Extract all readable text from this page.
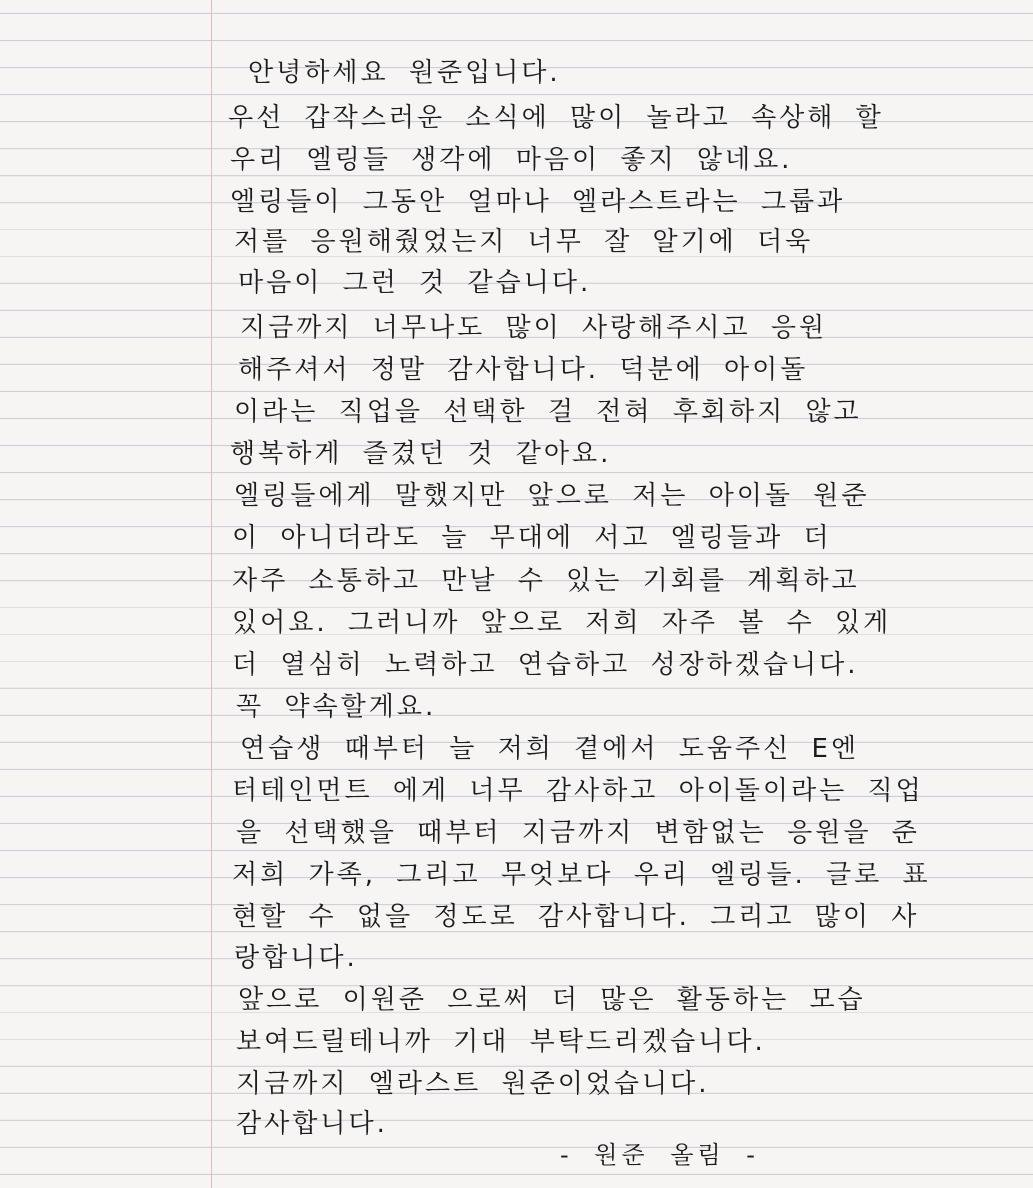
안녕하세요 원준입니다.
우선 갑작스러운 소식에 많이 놀라고 속상해 할
우리 엘링들 생각에 마음이 좋지 않네요.
엘링들이 그동안 얼마나 엘라스트라는 그룹과
저를 응원해줬었는지 너무 잘 알기에 더욱
마음이 그런 것 같습니다.
지금까지 너무나도 많이 사랑해주시고 응원
해주셔서 정말 감사합니다. 덕분에 아이돌
이라는 직업을 선택한 걸 전혀 후회하지 않고
행복하게 즐겼던 것 같아요.
엘링들에게 말했지만 앞으로 저는 아이돌 원준
이 아니더라도 늘 무대에 서고 엘링들과 더
자주 소통하고 만날 수 있는 기회를 계획하고
있어요. 그러니까 앞으로 저희 자주 볼 수 있게
더 열심히 노력하고 연습하고 성장하겠습니다.
꼭 약속할게요.
연습생 때부터 늘 저희 곁에서 도움주신 E엔
터테인먼트 에게 너무 감사하고 아이돌이라는 직업
을 선택했을 때부터 지금까지 변함없는 응원을 준
저희 가족, 그리고 무엇보다 우리 엘링들. 글로 표
현할 수 없을 정도로 감사합니다. 그리고 많이 사
랑합니다.
앞으로 이원준 으로써 더 많은 활동하는 모습
보여드릴테니까 기대 부탁드리겠습니다.
지금까지 엘라스트 원준이었습니다.
감사합니다.
- 원준 올림 -
